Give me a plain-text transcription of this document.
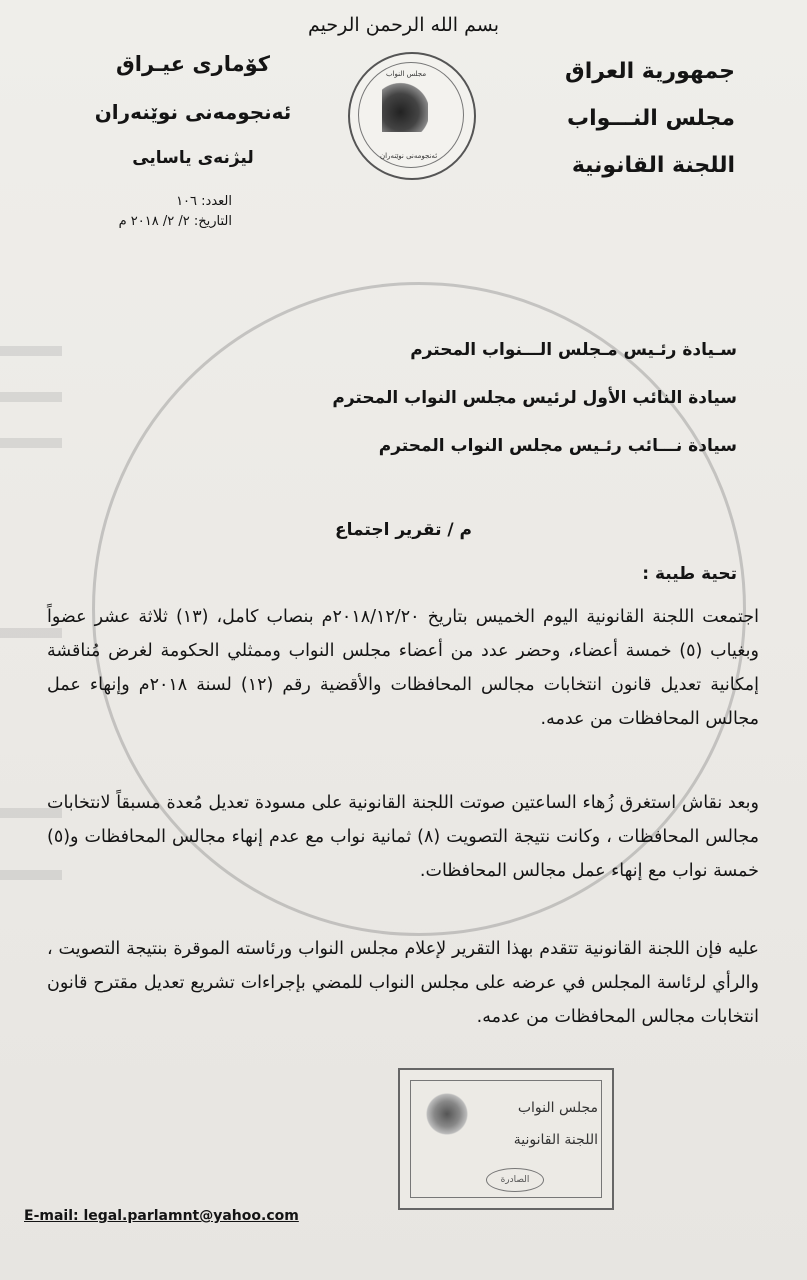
بسم الله الرحمن الرحيم
جمهورية العراق
مجلس النـــواب
اللجنة القانونية
مجلس النواب
ئەنجومەنی نوێنەران
كۆماری عیـراق
ئەنجومەنی نوێنەران
لیژنەی یاسایی
العدد: ١٠٦
التاريخ: ٢/ ٢/ ٢٠١٨ م
سـيادة رئـيس مـجلس الـــنواب المحترم
سيادة النائب الأول لرئيس مجلس النواب المحترم
سيادة نـــائب رئـيس مجلس النواب المحترم
م / تقرير اجتماع
تحية طيبة :
اجتمعت اللجنة القانونية اليوم الخميس بتاريخ ٢٠١٨/١٢/٢٠م بنصاب كامل، (١٣) ثلاثة عشر عضواً وبغياب (٥) خمسة أعضاء، وحضر عدد من أعضاء مجلس النواب وممثلي الحكومة لغرض مُناقشة إمكانية تعديل قانون انتخابات مجالس المحافظات والأقضية رقم (١٢) لسنة ٢٠١٨م وإنهاء عمل مجالس المحافظات من عدمه.
وبعد نقاش استغرق زُهاء الساعتين صوتت اللجنة القانونية على مسودة تعديل مُعدة مسبقاً لانتخابات مجالس المحافظات ، وكانت نتيجة التصويت (٨) ثمانية نواب مع عدم إنهاء مجالس المحافظات و(٥) خمسة نواب مع إنهاء عمل مجالس المحافظات.
عليه فإن اللجنة القانونية تتقدم بهذا التقرير لإعلام مجلس النواب ورئاسته الموقرة بنتيجة التصويت ، والرأي لرئاسة المجلس في عرضه على مجلس النواب للمضي بإجراءات تشريع تعديل مقترح قانون انتخابات مجالس المحافظات من عدمه.
مجلس النواب
اللجنة القانونية
الصادرة
E-mail: legal.parlamnt@yahoo.com
